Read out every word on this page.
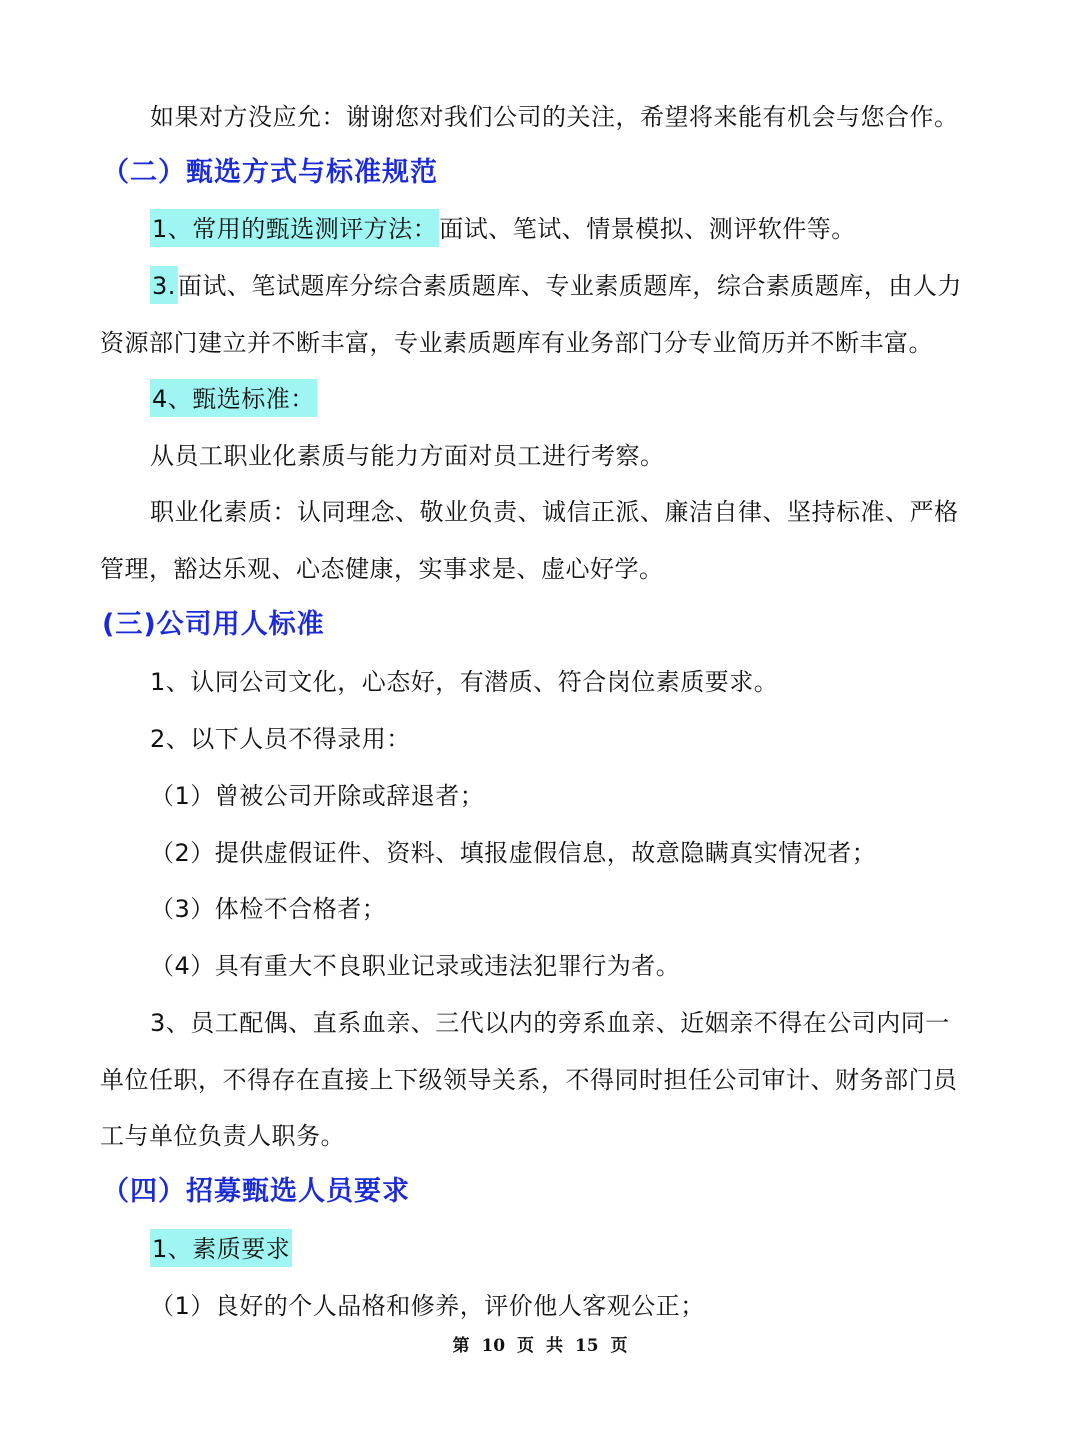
如果对方没应允：谢谢您对我们公司的关注，希望将来能有机会与您合作。
（二）甄选方式与标准规范
1、常用的甄选测评方法：面试、笔试、情景模拟、测评软件等。
3.面试、笔试题库分综合素质题库、专业素质题库，综合素质题库，由人力
资源部门建立并不断丰富，专业素质题库有业务部门分专业简历并不断丰富。
4、甄选标准：
从员工职业化素质与能力方面对员工进行考察。
职业化素质：认同理念、敬业负责、诚信正派、廉洁自律、坚持标准、严格
管理，豁达乐观、心态健康，实事求是、虚心好学。
(三)公司用人标准
1、认同公司文化，心态好，有潜质、符合岗位素质要求。
2、以下人员不得录用：
（1）曾被公司开除或辞退者；
（2）提供虚假证件、资料、填报虚假信息，故意隐瞒真实情况者；
（3）体检不合格者；
（4）具有重大不良职业记录或违法犯罪行为者。
3、员工配偶、直系血亲、三代以内的旁系血亲、近姻亲不得在公司内同一
单位任职，不得存在直接上下级领导关系，不得同时担任公司审计、财务部门员
工与单位负责人职务。
（四）招募甄选人员要求
1、素质要求
（1）良好的个人品格和修养，评价他人客观公正；
第 10 页 共 15 页
